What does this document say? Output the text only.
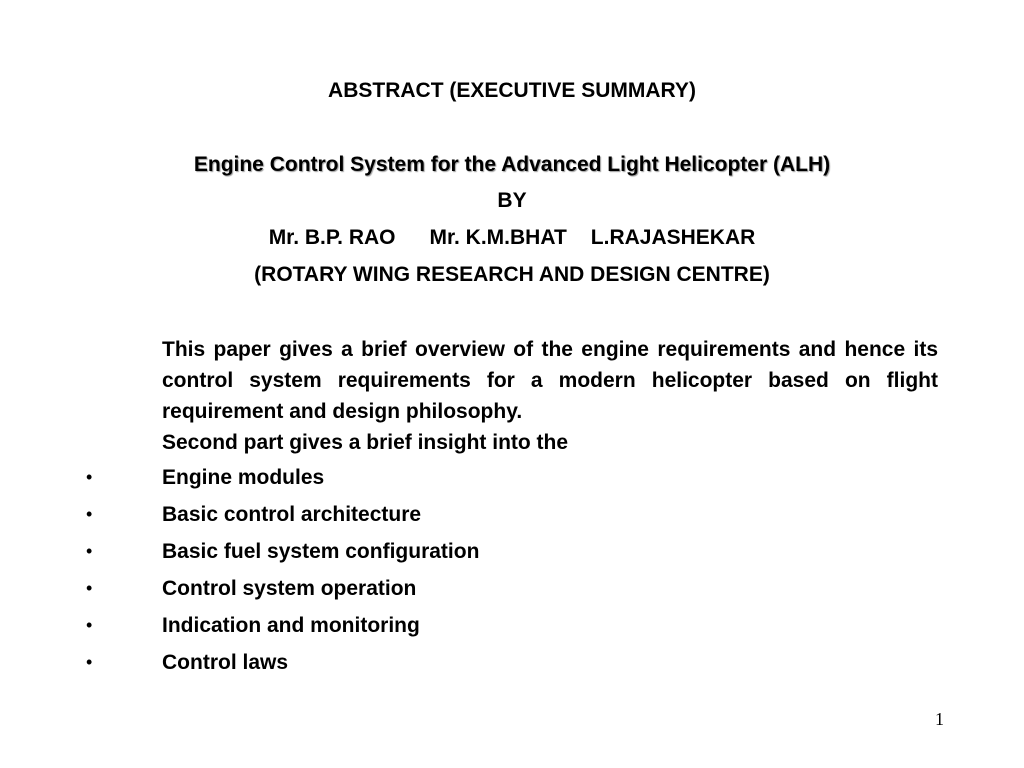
ABSTRACT (EXECUTIVE SUMMARY)
Engine Control System for the Advanced Light Helicopter (ALH)
BY
Mr. B.P. RAO Mr. K.M.BHAT L.RAJASHEKAR
(ROTARY WING RESEARCH AND DESIGN CENTRE)
This paper gives a brief overview of the engine requirements and hence its control system requirements for a modern helicopter based on flight requirement and design philosophy.
Second part gives a brief insight into the
•	Engine modules
•	Basic control architecture
•	Basic fuel system configuration
•	Control system operation
•	Indication and monitoring
•	Control laws
1
